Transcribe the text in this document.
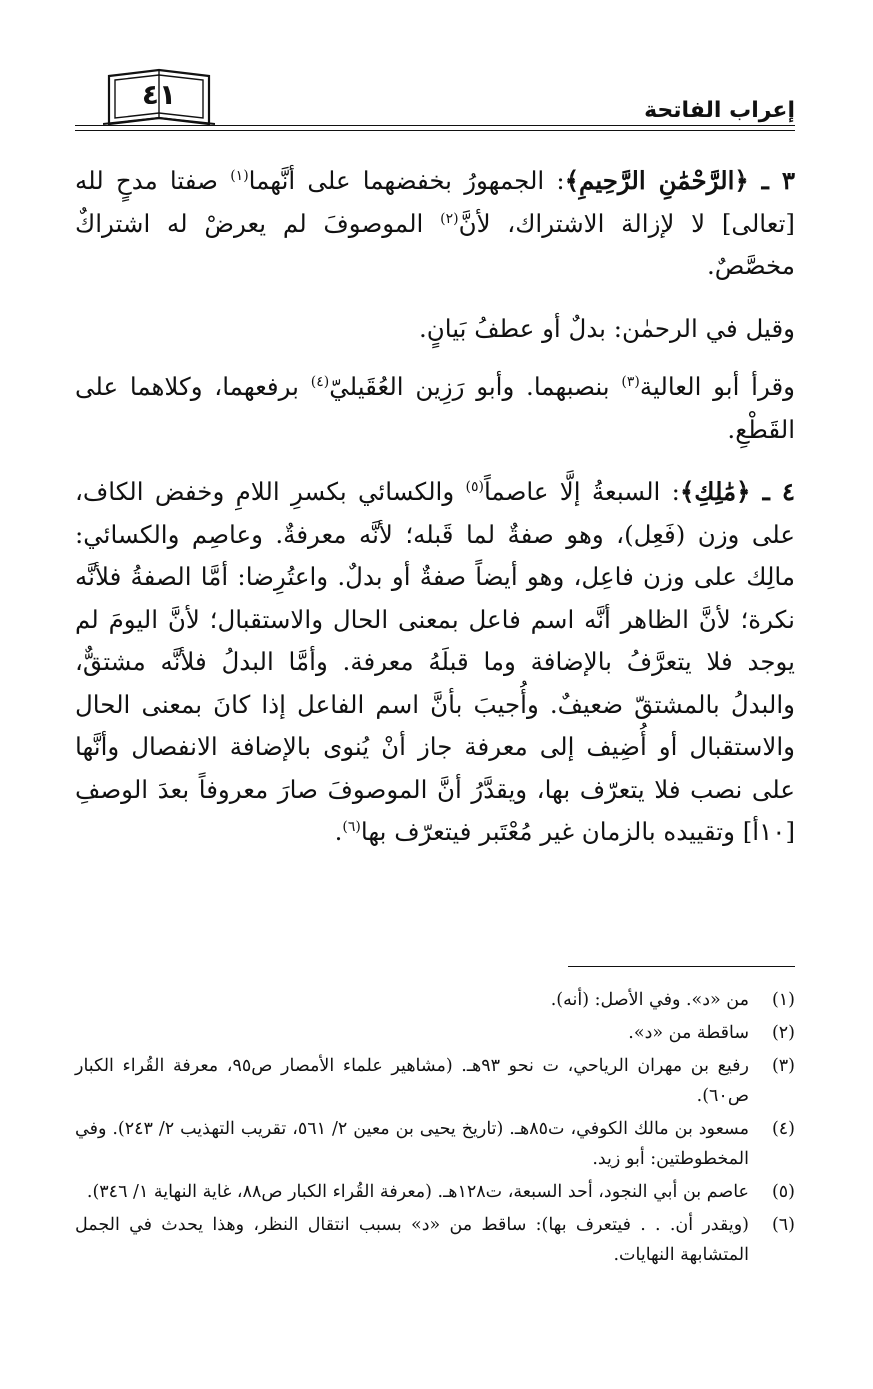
٤١	إعراب الفاتحة

٣ ـ ﴿الرَّحْمَٰنِ الرَّحِيمِ﴾: الجمهورُ بخفضهما على أنَّهما$^{(١)}$ صفتا مدحٍ لله [تعالى] لا لإزالة الاشتراك، لأنَّ$^{(٢)}$ الموصوفَ لم يعرضْ له اشتراكٌ مخصَّصٌ.

وقيل في الرحمٰن: بدلٌ أو عطفُ بَيانٍ.

وقرأ أبو العالية$^{(٣)}$ بنصبهما. وأبو رَزِين العُقَيليّ$^{(٤)}$ برفعهما، وكلاهما على القَطْعِ.

٤ ـ ﴿مَٰلِكِ﴾: السبعةُ إلَّا عاصماً$^{(٥)}$ والكسائي بكسرِ اللامِ وخفض الكاف، على وزن (فَعِل)، وهو صفةٌ لما قَبله؛ لأنَّه معرفةٌ. وعاصِم والكسائي: مالِك على وزن فاعِل، وهو أيضاً صفةٌ أو بدلٌ. واعتُرِضا: أمَّا الصفةُ فلأنَّه نكرة؛ لأنَّ الظاهر أنَّه اسم فاعل بمعنى الحال والاستقبال؛ لأنَّ اليومَ لم يوجد فلا يتعرَّفُ بالإضافة وما قبلَهُ معرفة. وأمَّا البدلُ فلأنَّه مشتقٌّ، والبدلُ بالمشتقّ ضعيفٌ. وأُجيبَ بأنَّ اسم الفاعل إذا كانَ بمعنى الحال والاستقبال أو أُضِيف إلى معرفة جاز أنْ يُنوى بالإضافة الانفصال وأنَّها على نصب فلا يتعرّف بها، ويقدَّرُ أنَّ الموصوفَ صارَ معروفاً بعدَ الوصفِ [١٠أ] وتقييده بالزمان غير مُعْتَبر فيتعرّف بها$^{(٦)}$.

(١)
من «د». وفي الأصل: (أنه).
(٢)
ساقطة من «د».
(٣)
رفيع بن مهران الرياحي، ت نحو ٩٣هـ. (مشاهير علماء الأمصار ص٩٥، معرفة القُراء الكبار ص٦٠).
(٤)
مسعود بن مالك الكوفي، ت٨٥هـ. (تاريخ يحيى بن معين ٢/ ٥٦١، تقريب التهذيب ٢/ ٢٤٣). وفي المخطوطتين: أبو زيد.
(٥)
عاصم بن أبي النجود، أحد السبعة، ت١٢٨هـ. (معرفة القُراء الكبار ص٨٨، غاية النهاية ١/ ٣٤٦).
(٦)
(ويقدر أن. . . فيتعرف بها): ساقط من «د» بسبب انتقال النظر، وهذا يحدث في الجمل المتشابهة النهايات.
